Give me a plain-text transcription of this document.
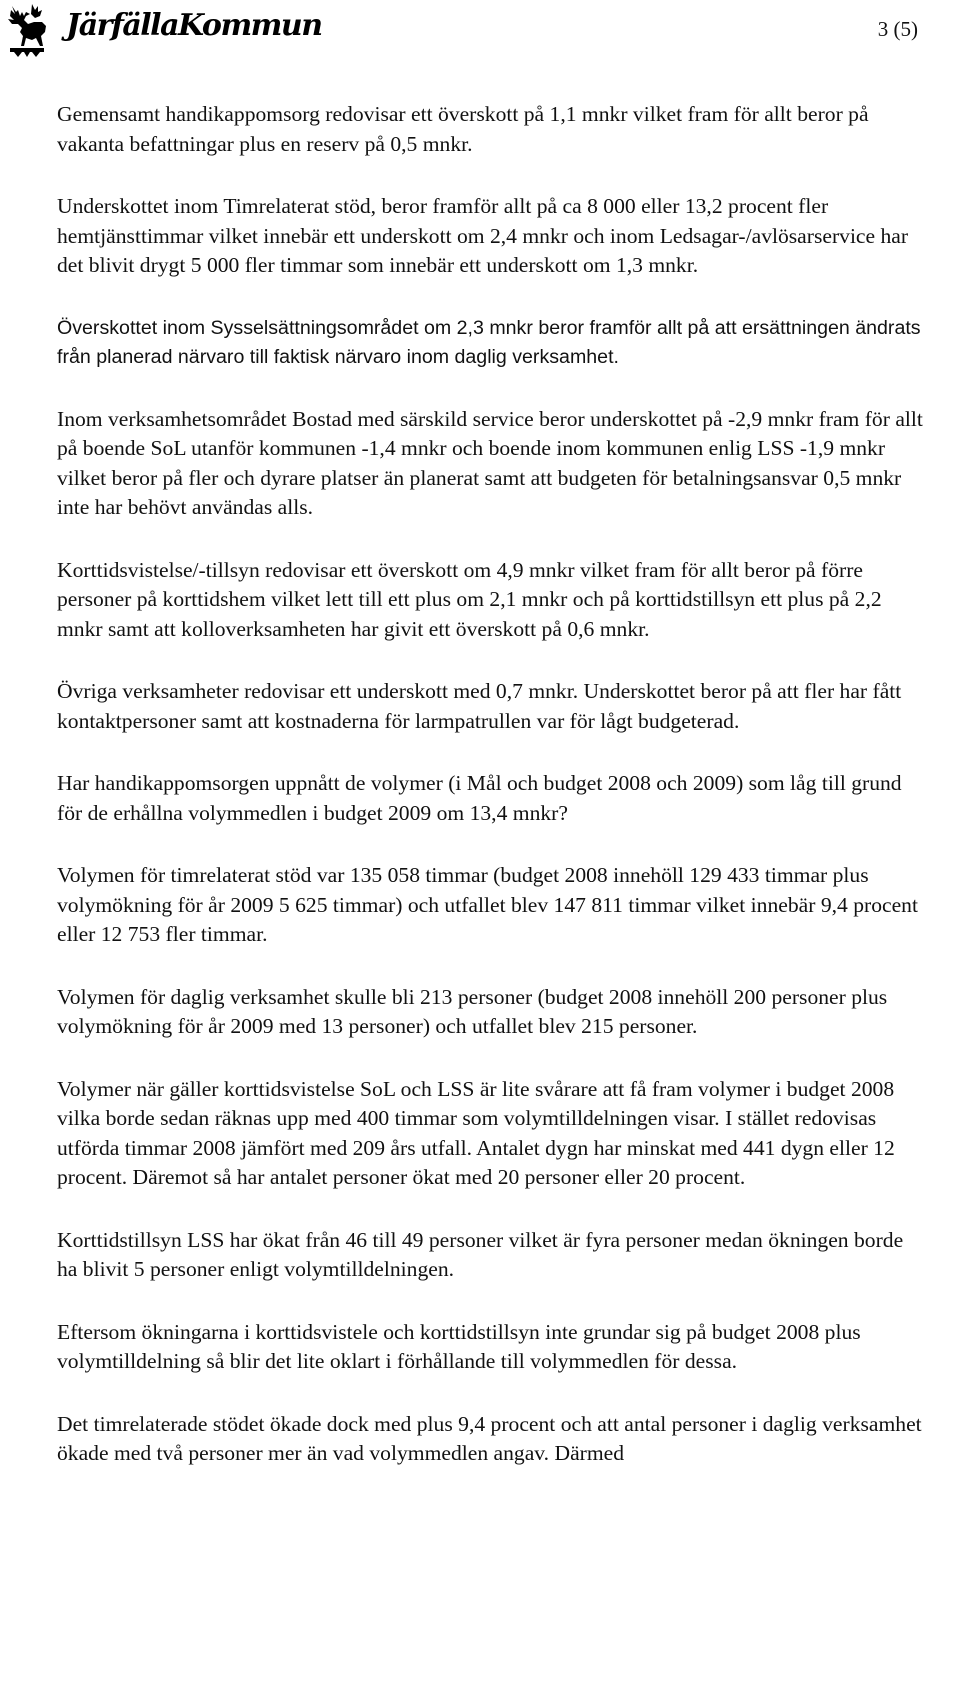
JärfällaKommun	3 (5)

Gemensamt handikappomsorg redovisar ett överskott på 1,1 mnkr vilket fram för allt beror på vakanta befattningar plus en reserv på 0,5 mnkr.

Underskottet inom Timrelaterat stöd, beror framför allt på ca 8 000 eller 13,2 procent fler hemtjänsttimmar vilket innebär ett underskott om 2,4 mnkr och inom Ledsagar-/avlösarservice har det blivit drygt 5 000 fler timmar som innebär ett underskott om 1,3 mnkr.

Överskottet inom Sysselsättningsområdet om 2,3 mnkr beror framför allt på att ersättningen ändrats från planerad närvaro till faktisk närvaro inom daglig verksamhet.

Inom verksamhetsområdet Bostad med särskild service beror underskottet på -2,9 mnkr fram för allt på boende SoL utanför kommunen -1,4 mnkr och boende inom kommunen enlig LSS -1,9 mnkr vilket beror på fler och dyrare platser än planerat samt att budgeten för betalningsansvar 0,5 mnkr inte har behövt användas alls.

Korttidsvistelse/-tillsyn redovisar ett överskott om 4,9 mnkr vilket fram för allt beror på förre personer på korttidshem vilket lett till ett plus om 2,1 mnkr och på korttidstillsyn ett plus på 2,2 mnkr samt att kolloverksamheten har givit ett överskott på 0,6 mnkr.

Övriga verksamheter redovisar ett underskott med 0,7 mnkr. Underskottet beror på att fler har fått kontaktpersoner samt att kostnaderna för larmpatrullen var för lågt budgeterad.

Har handikappomsorgen uppnått de volymer (i Mål och budget 2008 och 2009) som låg till grund för de erhållna volymmedlen i budget 2009 om 13,4 mnkr?

Volymen för timrelaterat stöd var 135 058 timmar (budget 2008 innehöll 129 433 timmar plus volymökning för år 2009 5 625 timmar) och utfallet blev 147 811 timmar vilket innebär 9,4 procent eller 12 753 fler timmar.

Volymen för daglig verksamhet skulle bli 213 personer (budget 2008 innehöll 200 personer plus volymökning för år 2009 med 13 personer) och utfallet blev 215 personer.

Volymer när gäller korttidsvistelse SoL och LSS är lite svårare att få fram volymer i budget 2008 vilka borde sedan räknas upp med 400 timmar som volymtilldelningen visar. I stället redovisas utförda timmar 2008 jämfört med 209 års utfall. Antalet dygn har minskat med 441 dygn eller 12 procent. Däremot så har antalet personer ökat med 20 personer eller 20 procent.

Korttidstillsyn LSS har ökat från 46 till 49 personer vilket är fyra personer medan ökningen borde ha blivit 5 personer enligt volymtilldelningen.

Eftersom ökningarna i korttidsvistele och korttidstillsyn inte grundar sig på budget 2008 plus volymtilldelning så blir det lite oklart i förhållande till volymmedlen för dessa.

Det timrelaterade stödet ökade dock med plus 9,4 procent och att antal personer i daglig verksamhet ökade med två personer mer än vad volymmedlen angav. Därmed
